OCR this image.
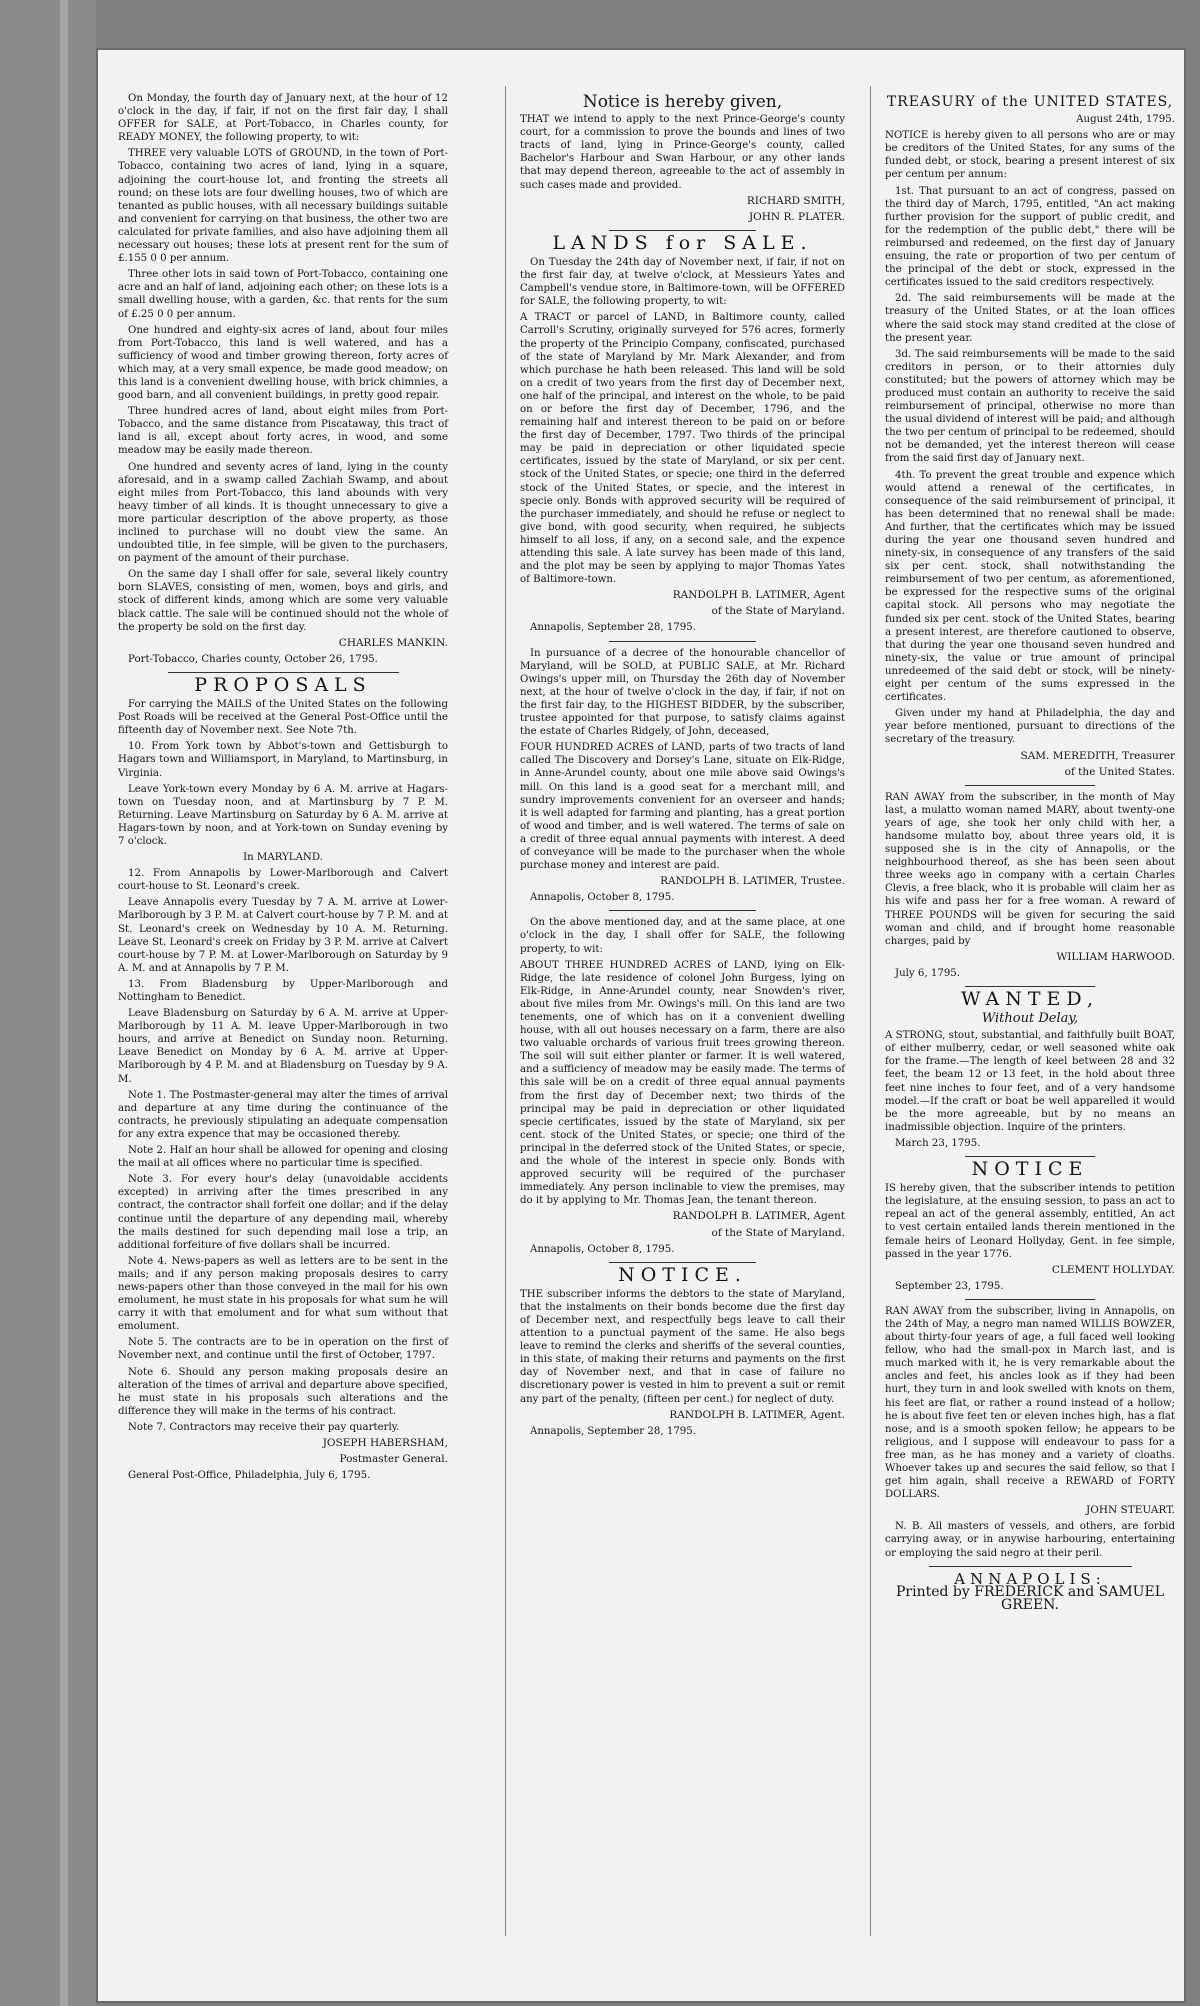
On Monday, the fourth day of January next, at the hour of 12 o'clock in the day, if fair, if not on the first fair day, I shall OFFER for SALE, at Port-Tobacco, in Charles county, for READY MONEY, the following property, to wit:

THREE very valuable LOTS of GROUND, in the town of Port-Tobacco, containing two acres of land, lying in a square, adjoining the court-house lot, and fronting the streets all round; on these lots are four dwelling houses, two of which are tenanted as public houses, with all necessary buildings suitable and convenient for carrying on that business, the other two are calculated for private families, and also have adjoining them all necessary out houses; these lots at present rent for the sum of £.155 0 0 per annum.

Three other lots in said town of Port-Tobacco, containing one acre and an half of land, adjoining each other; on these lots is a small dwelling house, with a garden, &c. that rents for the sum of £.25 0 0 per annum.

One hundred and eighty-six acres of land, about four miles from Port-Tobacco, this land is well watered, and has a sufficiency of wood and timber growing thereon, forty acres of which may, at a very small expence, be made good meadow; on this land is a convenient dwelling house, with brick chimnies, a good barn, and all convenient buildings, in pretty good repair.

Three hundred acres of land, about eight miles from Port-Tobacco, and the same distance from Piscataway, this tract of land is all, except about forty acres, in wood, and some meadow may be easily made thereon.

One hundred and seventy acres of land, lying in the county aforesaid, and in a swamp called Zachiah Swamp, and about eight miles from Port-Tobacco, this land abounds with very heavy timber of all kinds. It is thought unnecessary to give a more particular description of the above property, as those inclined to purchase will no doubt view the same. An undoubted title, in fee simple, will be given to the purchasers, on payment of the amount of their purchase.

On the same day I shall offer for sale, several likely country born SLAVES, consisting of men, women, boys and girls, and stock of different kinds, among which are some very valuable black cattle. The sale will be continued should not the whole of the property be sold on the first day.

CHARLES MANKIN.

Port-Tobacco, Charles county, October 26, 1795.

PROPOSALS

For carrying the MAILS of the United States on the following Post Roads will be received at the General Post-Office until the fifteenth day of November next. See Note 7th.

10. From York town by Abbot's-town and Gettisburgh to Hagars town and Williamsport, in Maryland, to Martinsburg, in Virginia.

Leave York-town every Monday by 6 A. M. arrive at Hagars-town on Tuesday noon, and at Martinsburg by 7 P. M. Returning. Leave Martinsburg on Saturday by 6 A. M. arrive at Hagars-town by noon, and at York-town on Sunday evening by 7 o'clock.

In MARYLAND.

12. From Annapolis by Lower-Marlborough and Calvert court-house to St. Leonard's creek.

Leave Annapolis every Tuesday by 7 A. M. arrive at Lower-Marlborough by 3 P. M. at Calvert court-house by 7 P. M. and at St. Leonard's creek on Wednesday by 10 A. M. Returning. Leave St. Leonard's creek on Friday by 3 P. M. arrive at Calvert court-house by 7 P. M. at Lower-Marlborough on Saturday by 9 A. M. and at Annapolis by 7 P. M.

13. From Bladensburg by Upper-Marlborough and Nottingham to Benedict.

Leave Bladensburg on Saturday by 6 A. M. arrive at Upper-Marlborough by 11 A. M. leave Upper-Marlborough in two hours, and arrive at Benedict on Sunday noon. Returning. Leave Benedict on Monday by 6 A. M. arrive at Upper-Marlborough by 4 P. M. and at Bladensburg on Tuesday by 9 A. M.

Note 1. The Postmaster-general may alter the times of arrival and departure at any time during the continuance of the contracts, he previously stipulating an adequate compensation for any extra expence that may be occasioned thereby.

Note 2. Half an hour shall be allowed for opening and closing the mail at all offices where no particular time is specified.

Note 3. For every hour's delay (unavoidable accidents excepted) in arriving after the times prescribed in any contract, the contractor shall forfeit one dollar; and if the delay continue until the departure of any depending mail, whereby the mails destined for such depending mail lose a trip, an additional forfeiture of five dollars shall be incurred.

Note 4. News-papers as well as letters are to be sent in the mails; and if any person making proposals desires to carry news-papers other than those conveyed in the mail for his own emolument, he must state in his proposals for what sum he will carry it with that emolument and for what sum without that emolument.

Note 5. The contracts are to be in operation on the first of November next, and continue until the first of October, 1797.

Note 6. Should any person making proposals desire an alteration of the times of arrival and departure above specified, he must state in his proposals such alterations and the difference they will make in the terms of his contract.

Note 7. Contractors may receive their pay quarterly.

JOSEPH HABERSHAM,

Postmaster General.

General Post-Office, Philadelphia, July 6, 1795.

Notice is hereby given,

THAT we intend to apply to the next Prince-George's county court, for a commission to prove the bounds and lines of two tracts of land, lying in Prince-George's county, called Bachelor's Harbour and Swan Harbour, or any other lands that may depend thereon, agreeable to the act of assembly in such cases made and provided.

RICHARD SMITH,

JOHN R. PLATER.

LANDS for SALE.

On Tuesday the 24th day of November next, if fair, if not on the first fair day, at twelve o'clock, at Messieurs Yates and Campbell's vendue store, in Baltimore-town, will be OFFERED for SALE, the following property, to wit:

A TRACT or parcel of LAND, in Baltimore county, called Carroll's Scrutiny, originally surveyed for 576 acres, formerly the property of the Principio Company, confiscated, purchased of the state of Maryland by Mr. Mark Alexander, and from which purchase he hath been released. This land will be sold on a credit of two years from the first day of December next, one half of the principal, and interest on the whole, to be paid on or before the first day of December, 1796, and the remaining half and interest thereon to be paid on or before the first day of December, 1797. Two thirds of the principal may be paid in depreciation or other liquidated specie certificates, issued by the state of Maryland, or six per cent. stock of the United States, or specie; one third in the deferred stock of the United States, or specie, and the interest in specie only. Bonds with approved security will be required of the purchaser immediately, and should he refuse or neglect to give bond, with good security, when required, he subjects himself to all loss, if any, on a second sale, and the expence attending this sale. A late survey has been made of this land, and the plot may be seen by applying to major Thomas Yates of Baltimore-town.

RANDOLPH B. LATIMER, Agent

of the State of Maryland.

Annapolis, September 28, 1795.

In pursuance of a decree of the honourable chancellor of Maryland, will be SOLD, at PUBLIC SALE, at Mr. Richard Owings's upper mill, on Thursday the 26th day of November next, at the hour of twelve o'clock in the day, if fair, if not on the first fair day, to the HIGHEST BIDDER, by the subscriber, trustee appointed for that purpose, to satisfy claims against the estate of Charles Ridgely, of John, deceased,

FOUR HUNDRED ACRES of LAND, parts of two tracts of land called The Discovery and Dorsey's Lane, situate on Elk-Ridge, in Anne-Arundel county, about one mile above said Owings's mill. On this land is a good seat for a merchant mill, and sundry improvements convenient for an overseer and hands; it is well adapted for farming and planting, has a great portion of wood and timber, and is well watered. The terms of sale on a credit of three equal annual payments with interest. A deed of conveyance will be made to the purchaser when the whole purchase money and interest are paid.

RANDOLPH B. LATIMER, Trustee.

Annapolis, October 8, 1795.

On the above mentioned day, and at the same place, at one o'clock in the day, I shall offer for SALE, the following property, to wit:

ABOUT THREE HUNDRED ACRES of LAND, lying on Elk-Ridge, the late residence of colonel John Burgess, lying on Elk-Ridge, in Anne-Arundel county, near Snowden's river, about five miles from Mr. Owings's mill. On this land are two tenements, one of which has on it a convenient dwelling house, with all out houses necessary on a farm, there are also two valuable orchards of various fruit trees growing thereon. The soil will suit either planter or farmer. It is well watered, and a sufficiency of meadow may be easily made. The terms of this sale will be on a credit of three equal annual payments from the first day of December next; two thirds of the principal may be paid in depreciation or other liquidated specie certificates, issued by the state of Maryland, six per cent. stock of the United States, or specie; one third of the principal in the deferred stock of the United States, or specie, and the whole of the interest in specie only. Bonds with approved security will be required of the purchaser immediately. Any person inclinable to view the premises, may do it by applying to Mr. Thomas Jean, the tenant thereon.

RANDOLPH B. LATIMER, Agent

of the State of Maryland.

Annapolis, October 8, 1795.

NOTICE.

THE subscriber informs the debtors to the state of Maryland, that the instalments on their bonds become due the first day of December next, and respectfully begs leave to call their attention to a punctual payment of the same. He also begs leave to remind the clerks and sheriffs of the several counties, in this state, of making their returns and payments on the first day of November next, and that in case of failure no discretionary power is vested in him to prevent a suit or remit any part of the penalty, (fifteen per cent.) for neglect of duty.

RANDOLPH B. LATIMER, Agent.

Annapolis, September 28, 1795.

TREASURY of the UNITED STATES,

August 24th, 1795.

NOTICE is hereby given to all persons who are or may be creditors of the United States, for any sums of the funded debt, or stock, bearing a present interest of six per centum per annum:

1st. That pursuant to an act of congress, passed on the third day of March, 1795, entitled, "An act making further provision for the support of public credit, and for the redemption of the public debt," there will be reimbursed and redeemed, on the first day of January ensuing, the rate or proportion of two per centum of the principal of the debt or stock, expressed in the certificates issued to the said creditors respectively.

2d. The said reimbursements will be made at the treasury of the United States, or at the loan offices where the said stock may stand credited at the close of the present year.

3d. The said reimbursements will be made to the said creditors in person, or to their attornies duly constituted; but the powers of attorney which may be produced must contain an authority to receive the said reimbursement of principal, otherwise no more than the usual dividend of interest will be paid; and although the two per centum of principal to be redeemed, should not be demanded, yet the interest thereon will cease from the said first day of January next.

4th. To prevent the great trouble and expence which would attend a renewal of the certificates, in consequence of the said reimbursement of principal, it has been determined that no renewal shall be made: And further, that the certificates which may be issued during the year one thousand seven hundred and ninety-six, in consequence of any transfers of the said six per cent. stock, shall notwithstanding the reimbursement of two per centum, as aforementioned, be expressed for the respective sums of the original capital stock. All persons who may negotiate the funded six per cent. stock of the United States, bearing a present interest, are therefore cautioned to observe, that during the year one thousand seven hundred and ninety-six, the value or true amount of principal unredeemed of the said debt or stock, will be ninety-eight per centum of the sums expressed in the certificates.

Given under my hand at Philadelphia, the day and year before mentioned, pursuant to directions of the secretary of the treasury.

SAM. MEREDITH, Treasurer

of the United States.

RAN AWAY from the subscriber, in the month of May last, a mulatto woman named MARY, about twenty-one years of age, she took her only child with her, a handsome mulatto boy, about three years old, it is supposed she is in the city of Annapolis, or the neighbourhood thereof, as she has been seen about three weeks ago in company with a certain Charles Clevis, a free black, who it is probable will claim her as his wife and pass her for a free woman. A reward of THREE POUNDS will be given for securing the said woman and child, and if brought home reasonable charges, paid by

WILLIAM HARWOOD.

July 6, 1795.

WANTED,
Without Delay,

A STRONG, stout, substantial, and faithfully built BOAT, of either mulberry, cedar, or well seasoned white oak for the frame.—The length of keel between 28 and 32 feet, the beam 12 or 13 feet, in the hold about three feet nine inches to four feet, and of a very handsome model.—If the craft or boat be well apparelled it would be the more agreeable, but by no means an inadmissible objection. Inquire of the printers.

March 23, 1795.

NOTICE

IS hereby given, that the subscriber intends to petition the legislature, at the ensuing session, to pass an act to repeal an act of the general assembly, entitled, An act to vest certain entailed lands therein mentioned in the female heirs of Leonard Hollyday, Gent. in fee simple, passed in the year 1776.

CLEMENT HOLLYDAY.

September 23, 1795.

RAN AWAY from the subscriber, living in Annapolis, on the 24th of May, a negro man named WILLIS BOWZER, about thirty-four years of age, a full faced well looking fellow, who had the small-pox in March last, and is much marked with it, he is very remarkable about the ancles and feet, his ancles look as if they had been hurt, they turn in and look swelled with knots on them, his feet are flat, or rather a round instead of a hollow; he is about five feet ten or eleven inches high, has a flat nose, and is a smooth spoken fellow; he appears to be religious, and I suppose will endeavour to pass for a free man, as he has money and a variety of cloaths. Whoever takes up and secures the said fellow, so that I get him again, shall receive a REWARD of FORTY DOLLARS.

JOHN STEUART.

N. B. All masters of vessels, and others, are forbid carrying away, or in anywise harbouring, entertaining or employing the said negro at their peril.

ANNAPOLIS:
Printed by FREDERICK and SAMUEL GREEN.
